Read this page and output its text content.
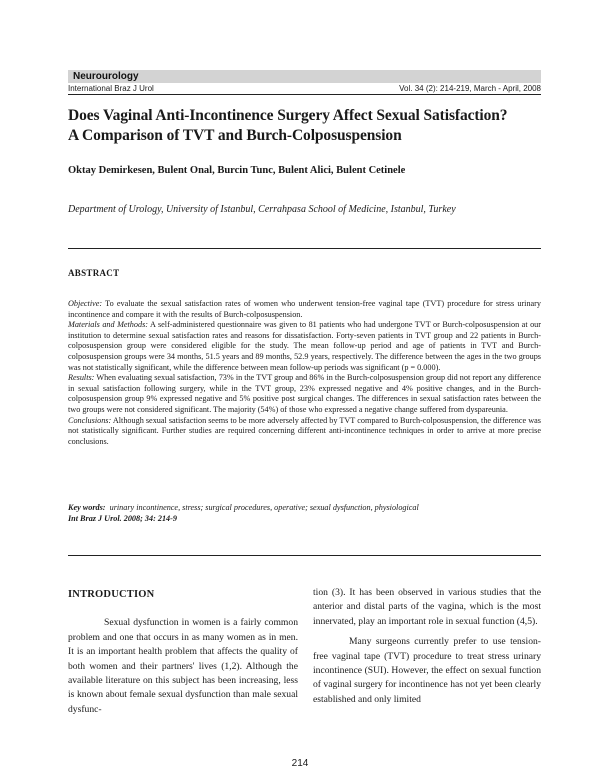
Neurourology
International Braz J Urol	Vol. 34 (2): 214-219, March - April, 2008
Does Vaginal Anti-Incontinence Surgery Affect Sexual Satisfaction?
A Comparison of TVT and Burch-Colposuspension
Oktay Demirkesen, Bulent Onal, Burcin Tunc, Bulent Alici, Bulent Cetinele
Department of Urology, University of Istanbul, Cerrahpasa School of Medicine, Istanbul, Turkey
ABSTRACT

Objective: To evaluate the sexual satisfaction rates of women who underwent tension-free vaginal tape (TVT) procedure for stress urinary incontinence and compare it with the results of Burch-colposuspension.

Materials and Methods: A self-administered questionnaire was given to 81 patients who had undergone TVT or Burch-colposuspension at our institution to determine sexual satisfaction rates and reasons for dissatisfaction. Forty-seven patients in TVT group and 22 patients in Burch-colposuspension group were considered eligible for the study. The mean follow-up period and age of patients in TVT and Burch-colposuspension groups were 34 months, 51.5 years and 89 months, 52.9 years, respectively. The difference between the ages in the two groups was not statistically significant, while the difference between mean follow-up periods was significant (p = 0.000).

Results: When evaluating sexual satisfaction, 73% in the TVT group and 86% in the Burch-colposuspension group did not report any difference in sexual satisfaction following surgery, while in the TVT group, 23% expressed negative and 4% positive changes, and in the Burch-colposuspension group 9% expressed negative and 5% positive post surgical changes. The differences in sexual satisfaction rates between the two groups were not considered significant. The majority (54%) of those who expressed a negative change suffered from dyspareunia.

Conclusions: Although sexual satisfaction seems to be more adversely affected by TVT compared to Burch-colposuspension, the difference was not statistically significant. Further studies are required concerning different anti-incontinence techniques in order to arrive at more precise conclusions.

Key words: urinary incontinence, stress; surgical procedures, operative; sexual dysfunction, physiological
Int Braz J Urol. 2008; 34: 214-9
INTRODUCTION

Sexual dysfunction in women is a fairly common problem and one that occurs in as many women as in men. It is an important health problem that affects the quality of both women and their partners' lives (1,2). Although the available literature on this subject has been increasing, less is known about female sexual dysfunction than male sexual dysfunc-

tion (3). It has been observed in various studies that the anterior and distal parts of the vagina, which is the most innervated, play an important role in sexual function (4,5).

Many surgeons currently prefer to use tension-free vaginal tape (TVT) procedure to treat stress urinary incontinence (SUI). However, the effect on sexual function of vaginal surgery for incontinence has not yet been clearly established and only limited

214
